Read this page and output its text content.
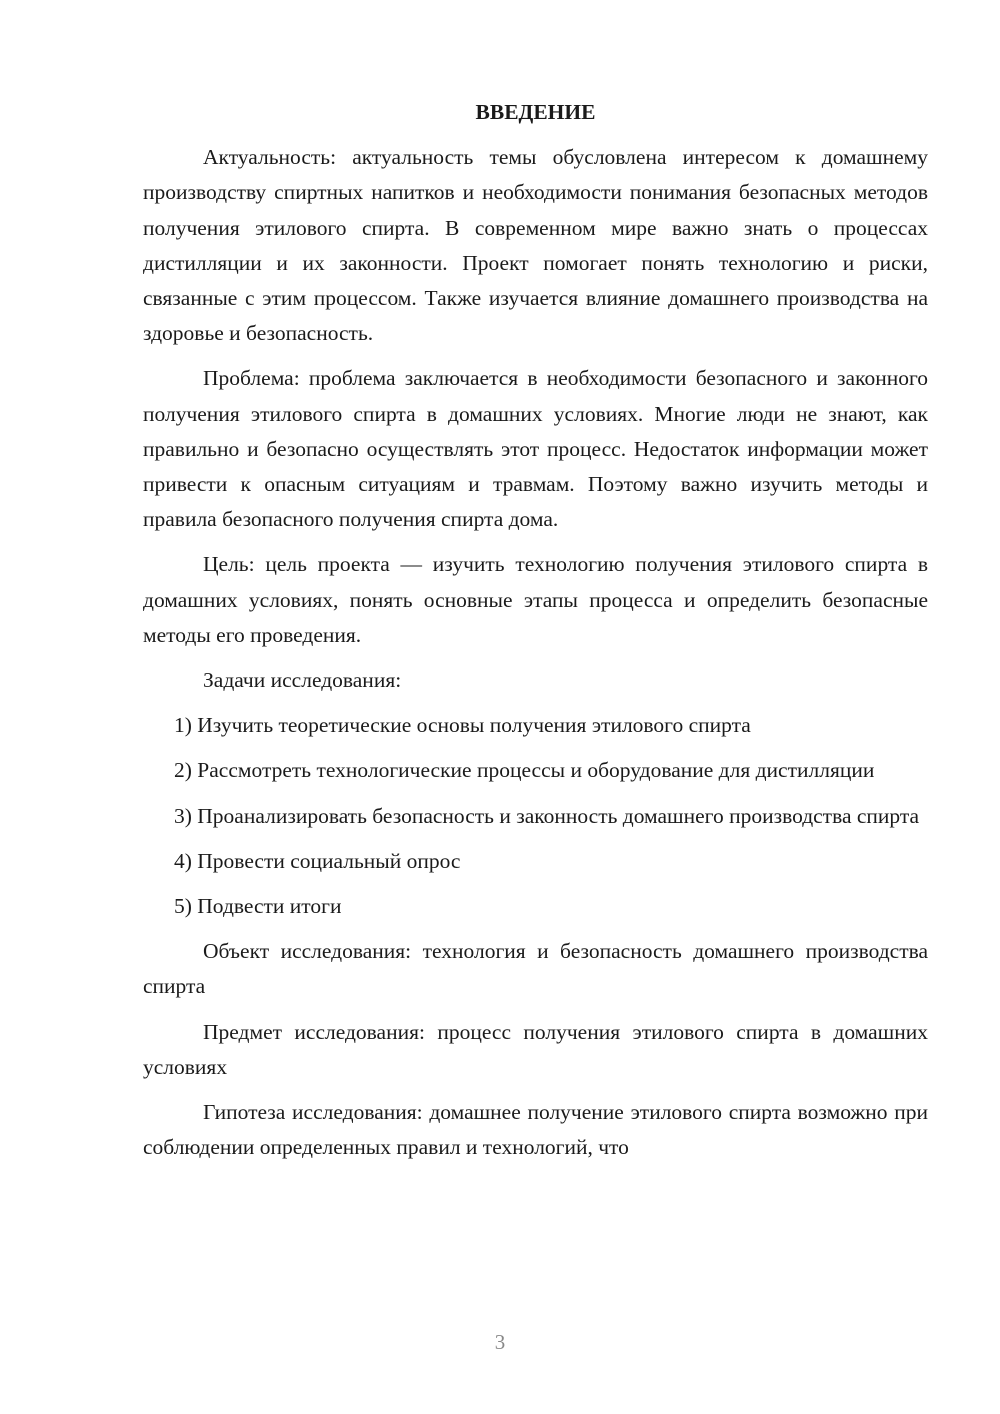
ВВЕДЕНИЕ

Актуальность: актуальность темы обусловлена интересом к домашнему производству спиртных напитков и необходимости понимания безопасных методов получения этилового спирта. В современном мире важно знать о процессах дистилляции и их законности. Проект помогает понять технологию и риски, связанные с этим процессом. Также изучается влияние домашнего производства на здоровье и безопасность.

Проблема: проблема заключается в необходимости безопасного и законного получения этилового спирта в домашних условиях. Многие люди не знают, как правильно и безопасно осуществлять этот процесс. Недостаток информации может привести к опасным ситуациям и травмам. Поэтому важно изучить методы и правила безопасного получения спирта дома.

Цель: цель проекта — изучить технологию получения этилового спирта в домашних условиях, понять основные этапы процесса и определить безопасные методы его проведения.

Задачи исследования:

1) Изучить теоретические основы получения этилового спирта

2) Рассмотреть технологические процессы и оборудование для дистилляции

3) Проанализировать безопасность и законность домашнего производства спирта

4) Провести социальный опрос

5) Подвести итоги

Объект исследования: технология и безопасность домашнего производства спирта

Предмет исследования: процесс получения этилового спирта в домашних условиях

Гипотеза исследования: домашнее получение этилового спирта возможно при соблюдении определенных правил и технологий, что

3
